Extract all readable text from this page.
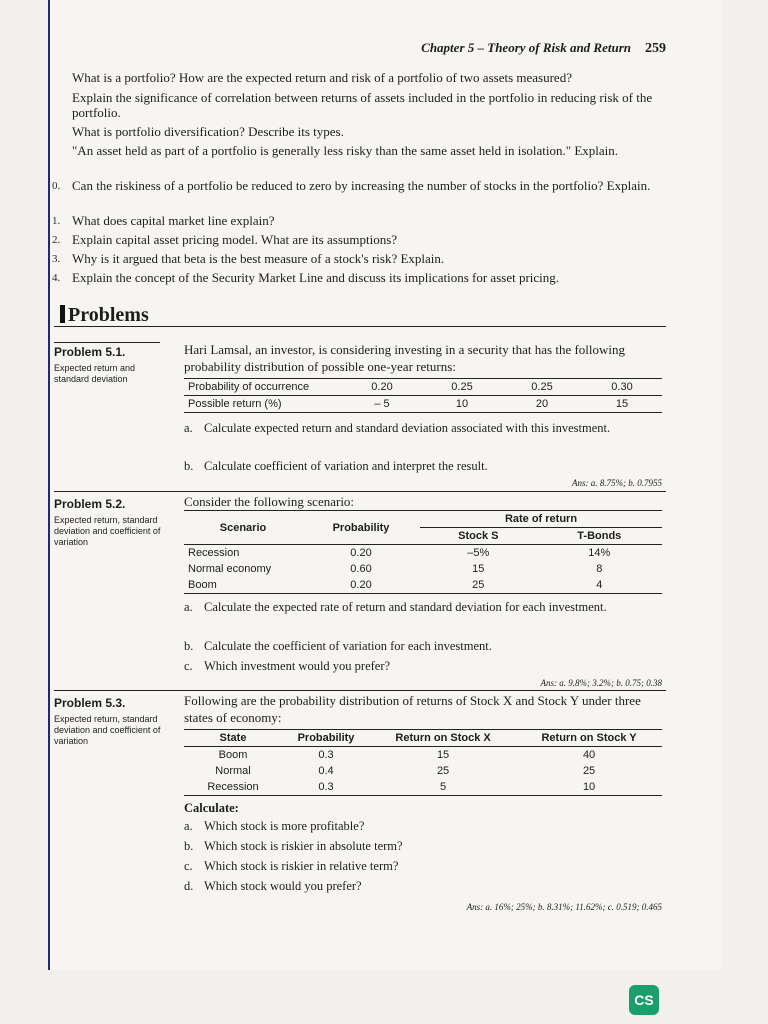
Chapter 5 – Theory of Risk and Return 259
What is a portfolio? How are the expected return and risk of a portfolio of two assets measured?
Explain the significance of correlation between returns of assets included in the portfolio in reducing risk of the portfolio.
What is portfolio diversification? Describe its types.
"An asset held as part of a portfolio is generally less risky than the same asset held in isolation." Explain.
0. Can the riskiness of a portfolio be reduced to zero by increasing the number of stocks in the portfolio? Explain.
1. What does capital market line explain?
2. Explain capital asset pricing model. What are its assumptions?
3. Why is it argued that beta is the best measure of a stock's risk? Explain.
4. Explain the concept of the Security Market Line and discuss its implications for asset pricing.
Problems
Problem 5.1.
Expected return and standard deviation
Hari Lamsal, an investor, is considering investing in a security that has the following probability distribution of possible one-year returns:
Probability of occurrence	0.20	0.25	0.25	0.30
Possible return (%)	– 5	10	20	15
a. Calculate expected return and standard deviation associated with this investment.
b. Calculate coefficient of variation and interpret the result.
Ans: a. 8.75%; b. 0.7955
Problem 5.2.
Expected return, standard deviation and coefficient of variation
Consider the following scenario:
Scenario	Probability	Rate of return	
		Stock S	T-Bonds
Recession	0.20	–5%	14%
Normal economy	0.60	15	8
Boom	0.20	25	4
a. Calculate the expected rate of return and standard deviation for each investment.
b. Calculate the coefficient of variation for each investment.
c. Which investment would you prefer?
Ans: a. 9.8%; 3.2%; b. 0.75; 0.38
Problem 5.3.
Expected return, standard deviation and coefficient of variation
Following are the probability distribution of returns of Stock X and Stock Y under three states of economy:
State	Probability	Return on Stock X	Return on Stock Y
Boom	0.3	15	40
Normal	0.4	25	25
Recession	0.3	5	10
Calculate:
a. Which stock is more profitable?
b. Which stock is riskier in absolute term?
c. Which stock is riskier in relative term?
d. Which stock would you prefer?
Ans: a. 16%; 25%; b. 8.31%; 11.62%; c. 0.519; 0.465
CS
